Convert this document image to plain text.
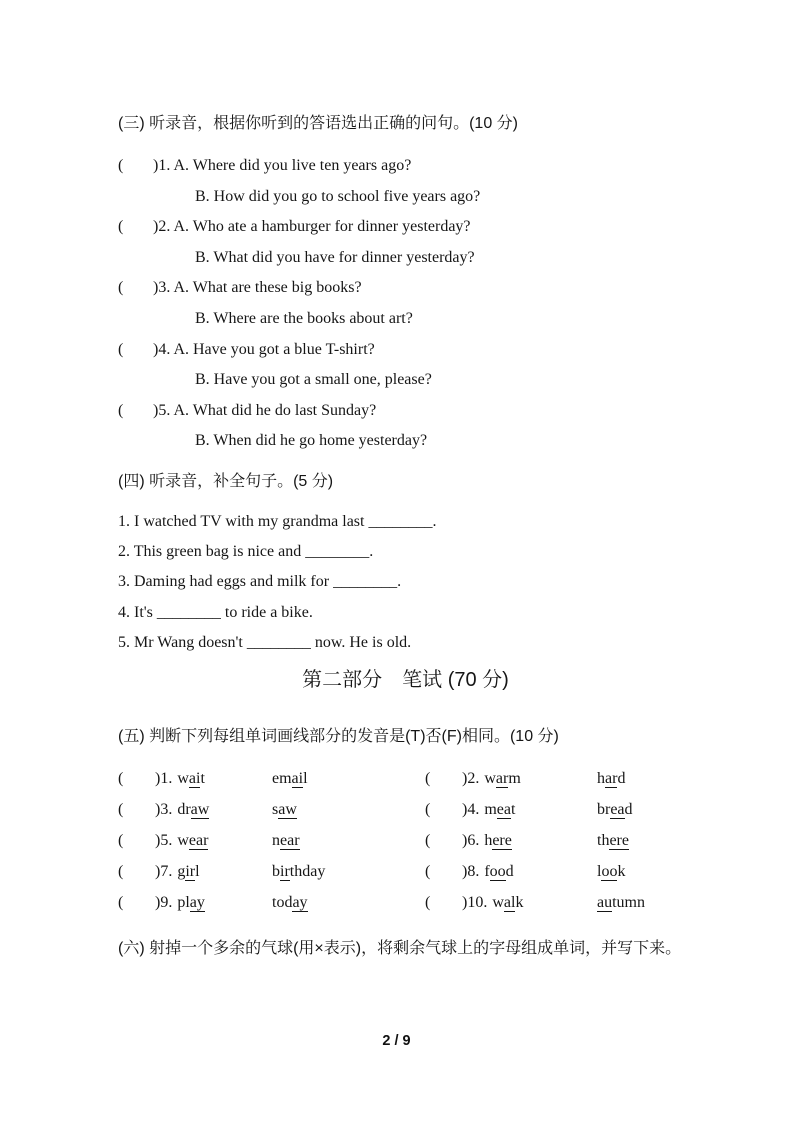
(三) 听录音，根据你听到的答语选出正确的问句。(10 分)
( )1. A. Where did you live ten years ago?
B. How did you go to school five years ago?
( )2. A. Who ate a hamburger for dinner yesterday?
B. What did you have for dinner yesterday?
( )3. A. What are these big books?
B. Where are the books about art?
( )4. A. Have you got a blue T-shirt?
B. Have you got a small one, please?
( )5. A. What did he do last Sunday?
B. When did he go home yesterday?
(四) 听录音，补全句子。(5 分)
1. I watched TV with my grandma last ________.
2. This green bag is nice and ________.
3. Daming had eggs and milk for ________.
4. It's ________ to ride a bike.
5. Mr Wang doesn't ________ now. He is old.
第二部分　笔试 (70 分)
(五) 判断下列每组单词画线部分的发音是(T)否(F)相同。(10 分)
(	)1. wait	email	(	)2. warm	hard
(	)3. draw	saw	(	)4. meat	bread
(	)5. wear	near	(	)6. here	there
(	)7. girl	birthday	(	)8. food	look
(	)9. play	today	(	)10. walk	autumn
(六) 射掉一个多余的气球(用×表示)，将剩余气球上的字母组成单词，并写下来。
2 / 9
